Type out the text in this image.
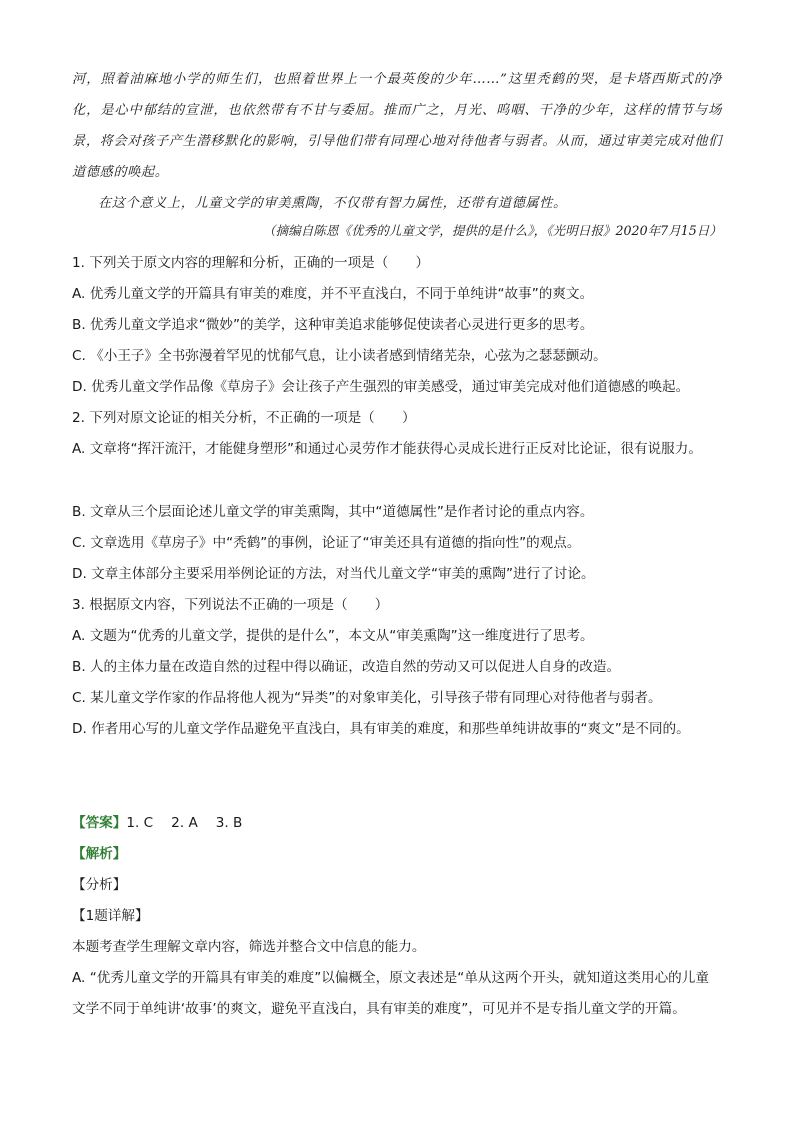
河，照着油麻地小学的师生们，也照着世界上一个最英俊的少年……”这里秃鹤的哭，是卡塔西斯式的净化，是心中郁结的宣泄，也依然带有不甘与委屈。推而广之，月光、呜咽、干净的少年，这样的情节与场景，将会对孩子产生潜移默化的影响，引导他们带有同理心地对待他者与弱者。从而，通过审美完成对他们道德感的唤起。

在这个意义上，儿童文学的审美熏陶，不仅带有智力属性，还带有道德属性。

（摘编自陈恩《优秀的儿童文学，提供的是什么》，《光明日报》2020年7月15日）
1. 下列关于原文内容的理解和分析，正确的一项是（　　）
A. 优秀儿童文学的开篇具有审美的难度，并不平直浅白，不同于单纯讲“故事”的爽文。
B. 优秀儿童文学追求“微妙”的美学，这种审美追求能够促使读者心灵进行更多的思考。
C. 《小王子》全书弥漫着罕见的忧郁气息，让小读者感到情绪芜杂，心弦为之瑟瑟颤动。
D. 优秀儿童文学作品像《草房子》会让孩子产生强烈的审美感受，通过审美完成对他们道德感的唤起。
2. 下列对原文论证的相关分析，不正确的一项是（　　）
A. 文章将“挥汗流汗，才能健身塑形”和通过心灵劳作才能获得心灵成长进行正反对比论证，很有说服力。
B. 文章从三个层面论述儿童文学的审美熏陶，其中“道德属性”是作者讨论的重点内容。
C. 文章选用《草房子》中“秃鹤”的事例，论证了“审美还具有道德的指向性”的观点。
D. 文章主体部分主要采用举例论证的方法，对当代儿童文学“审美的熏陶”进行了讨论。
3. 根据原文内容，下列说法不正确的一项是（　　）
A. 文题为“优秀的儿童文学，提供的是什么”，本文从“审美熏陶”这一维度进行了思考。
B. 人的主体力量在改造自然的过程中得以确证，改造自然的劳动又可以促进人自身的改造。
C. 某儿童文学作家的作品将他人视为“异类”的对象审美化，引导孩子带有同理心对待他者与弱者。
D. 作者用心写的儿童文学作品避免平直浅白，具有审美的难度，和那些单纯讲故事的“爽文”是不同的。
【答案】1. C 2. A 3. B
【解析】
【分析】
【1题详解】
本题考查学生理解文章内容，筛选并整合文中信息的能力。
A. “优秀儿童文学的开篇具有审美的难度”以偏概全，原文表述是“单从这两个开头，就知道这类用心的儿童文学不同于单纯讲‘故事’的爽文，避免平直浅白，具有审美的难度”，可见并不是专指儿童文学的开篇。
